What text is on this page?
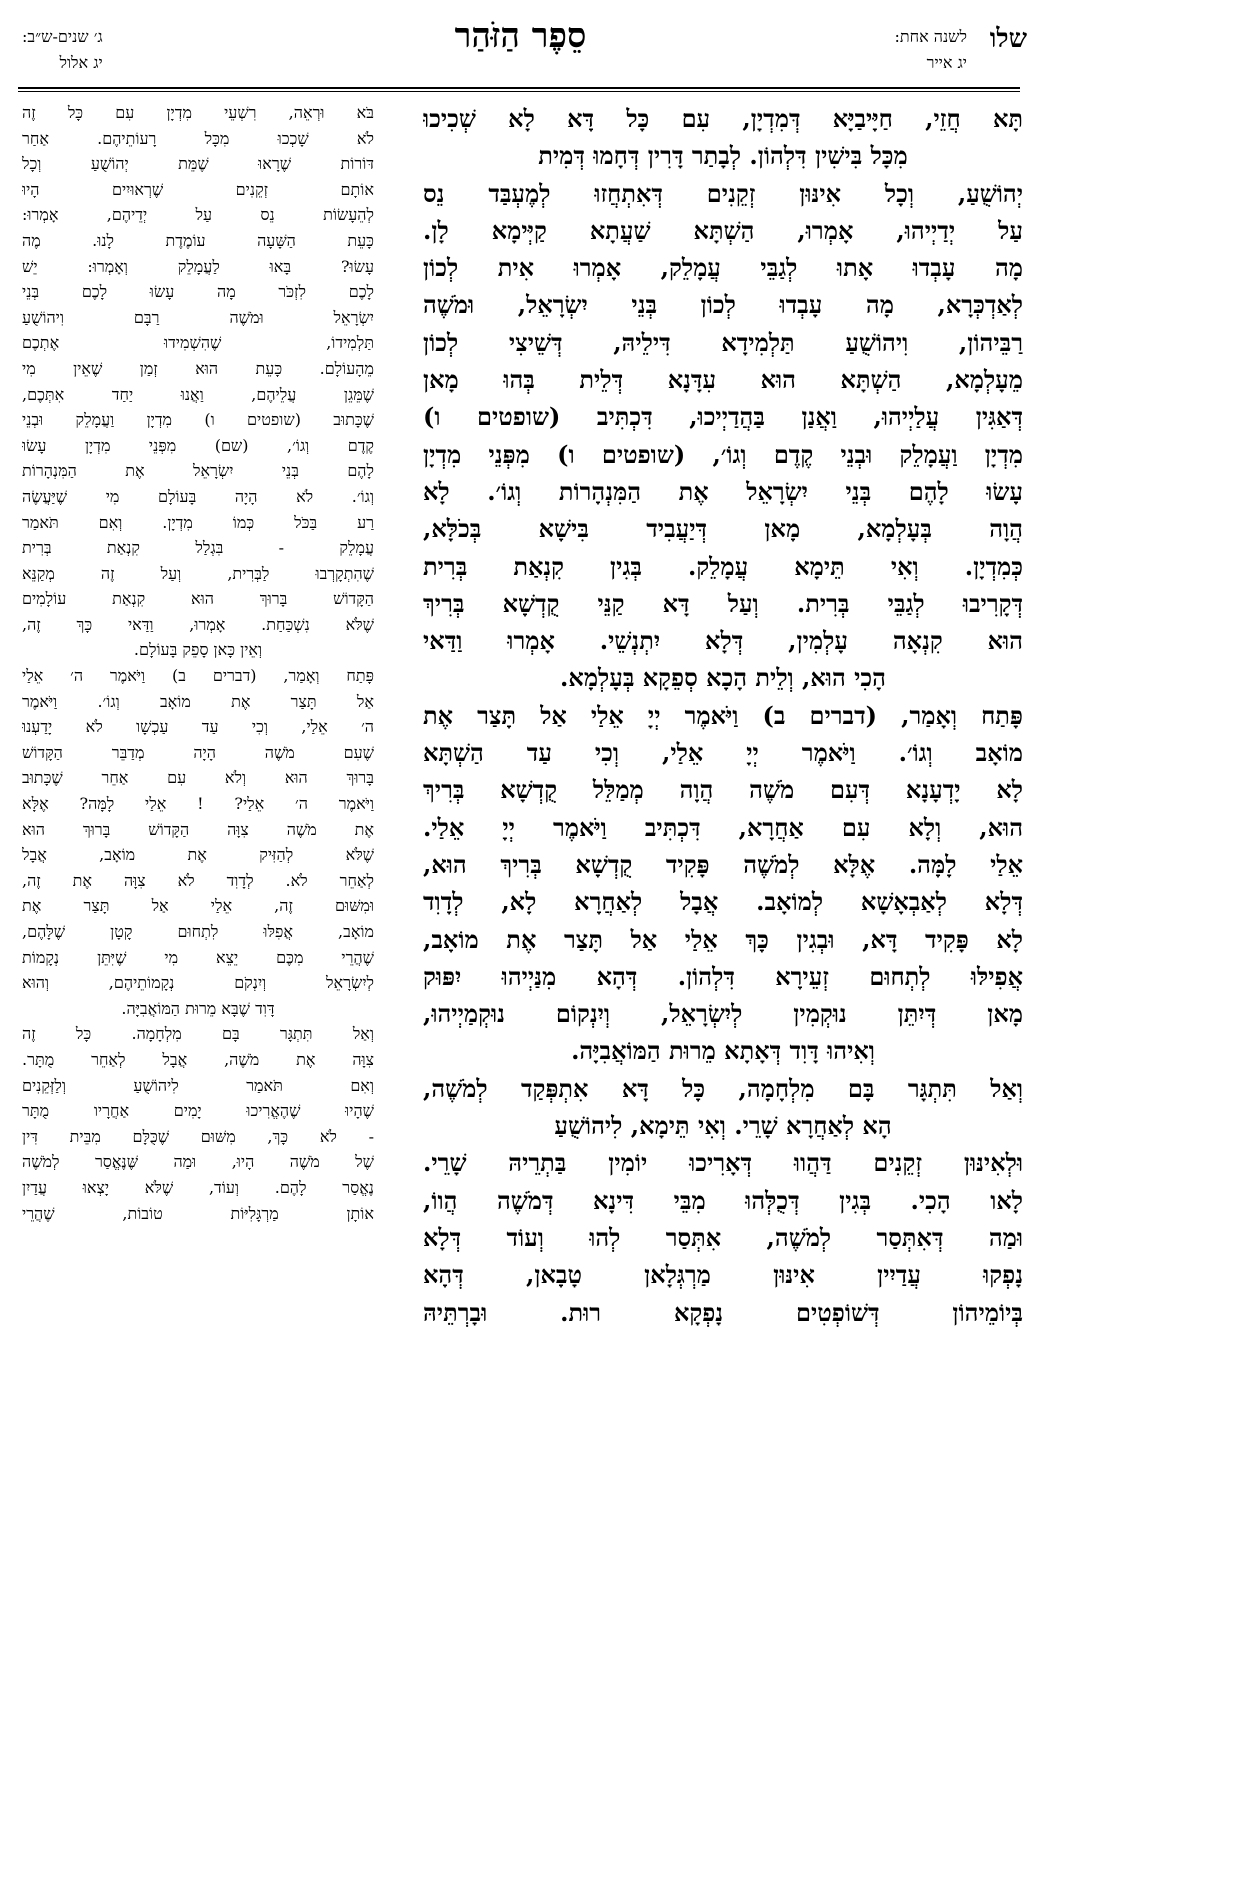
שלו
לשנה אחת:
יג אייר
סֵפֶר הַזֹּהַר
ג׳ שנים-ש״ב:
יג אלול
תָּא חֲזֵי, חַיָּיבַיָּא דְּמִדְיָן, עִם כָּל דָּא לָא שְׁכִיכוּ
מִכָּל בִּישִׁין דִּלְהוֹן. לְבָתַר דָּרִין דְּחָמוּ דְּמִית
יְהוֹשֻׁעַ, וְכָל אִינּוּן זְקֵנִים דְּאִתְחֲזוּ לְמֶעְבַּד נֵס
עַל יְדַיְיהוּ, אָמְרוּ, הַשְׁתָּא שַׁעֲתָא קַיְּימָא לָן.
מָה עָבְדוּ אָתוּ לְגַבֵּי עֲמָלֵק, אָמְרוּ אִית לְכוֹן
לְאַדְכְּרָא, מָה עָבְדוּ לְכוֹן בְּנֵי יִשְׂרָאֵל, וּמֹשֶׁה
רַבֵּיהוֹן, וִיהוֹשֻׁעַ תַּלְמִידָא דִּילֵיהּ, דְּשֵׁיצִי לְכוֹן
מֵעָלְמָא, הַשְׁתָּא הוּא עִדָּנָא דְּלֵית בְּהוּ מָאן
דְּאַגִּין עֲלַיְיהוּ, וַאֲנַן בַּהֲדַיְיכוּ, דִּכְתִּיב (שופטים ו)
מִדְיָן וַעֲמָלֵק וּבְנֵי קֶדֶם וְגוֹ׳, (שופטים ו) מִפְּנֵי מִדְיָן
עָשׂוּ לָהֶם בְּנֵי יִשְׂרָאֵל אֶת הַמִּנְהָרוֹת וְגוֹ׳. לָא
הֲוָה בְּעָלְמָא, מָאן דְּיַעֲבִיד בִּישָׁא בְּכֹלָּא,
כְּמִדְיָן. וְאִי תֵּימָא עֲמָלֵק. בְּגִין קִנְאַת בְּרִית
דְּקָרִיבוּ לְגַבֵּי בְּרִית. וְעַל דָּא קַנֵּי קֻדְשָׁא בְּרִיךְ
הוּא קִנְאָה עָלְמִין, דְּלָא יִתְנְשֵׁי. אָמְרוּ וַדַּאי
הָכִי הוּא, וְלֵית הָכָא סְפֵקָא בְּעָלְמָא.
פָּתַח וְאָמַר, (דברים ב) וַיֹּאמֶר יְיָ אֵלַי אַל תָּצַר אֶת
מוֹאָב וְגוֹ׳. וַיֹּאמֶר יְיָ אֵלַי, וְכִי עַד הַשְׁתָּא
לָא יָדְעָנָא דְּעִם מֹשֶׁה הֲוָה מְמַלֵּל קֻדְשָׁא בְּרִיךְ
הוּא, וְלָא עִם אַחֲרָא, דִּכְתִּיב וַיֹּאמֶר יְיָ אֵלַי.
אֵלַי לָמָּה. אֶלָּא לְמֹשֶׁה פָּקִיד קֻדְשָׁא בְּרִיךְ הוּא,
דְּלָא לְאַבְאָשָׁא לְמוֹאָב. אֲבָל לְאַחֲרָא לָא, לְדָוִד
לָא פָּקִיד דָּא, וּבְגִין כָּךְ אֵלַי אַל תָּצַר אֶת מוֹאָב,
אֲפִילּוּ לְתְחוּם זְעֵירָא דִּלְהוֹן. דְּהָא מִנַּיְיהוּ יִפּוּק
מָאן דְּיִתֵּן נוּקְמִין לְיִשְׂרָאֵל, וְיִנְקוֹם נוּקְמַיְיהוּ,
וְאִיהוּ דָּוִד דְּאָתָא מֵרוּת הַמּוֹאֲבִיָּה.
וְאַל תִּתְגָּר בָּם מִלְחָמָה, כָּל דָּא אִתְפְּקַד לְמֹשֶׁה,
הָא לְאַחֲרָא שָׁרֵי. וְאִי תֵּימָא, לִיהוֹשֻׁעַ
וּלְאִינּוּן זְקֵנִים דַּהֲווּ דְּאָרִיכוּ יוֹמִין בַּתְרֵיהּ שָׁרֵי.
לָאו הָכִי. בְּגִין דְּכֻלְּהוּ מִבֵּי דִּינָא דְּמֹשֶׁה הֲווֹ,
וּמַה דְּאִתְּסַר לְמֹשֶׁה, אִתְּסַר לְהוּ וְעוֹד דְּלָא
נָפְקוּ עֲדַיִין אִינּוּן מַרְגְּלָאן טָבָאן, דְּהָא
בְּיוֹמֵיהוֹן דְּשׁוֹפְטִים נָפְקָא רוּת. וּבָרְתֵּיהּ
בֹּא וּרְאֵה, רִשְׁעֵי מִדְיָן עִם כָּל זֶה
לֹא שָׁכְכוּ מִכָּל רָעוֹתֵיהֶם. אַחַר
דּוֹרוֹת שֶׁרָאוּ שֶׁמֵּת יְהוֹשֻׁעַ וְכָל
אוֹתָם זְקֵנִים שֶׁרְאוּיִים הָיוּ
לְהֵעָשׂוֹת נֵס עַל יְדֵיהֶם, אָמְרוּ:
כָּעֵת הַשָּׁעָה עוֹמֶדֶת לָנוּ. מֶה
עָשׂוּ? בָּאוּ לַעֲמָלֵק וְאָמְרוּ: יֵשׁ
לָכֶם לִזְכֹּר מָה עָשׂוּ לָכֶם בְּנֵי
יִשְׂרָאֵל וּמֹשֶׁה רַבָּם וִיהוֹשֻׁעַ
תַּלְמִידוֹ, שֶׁהִשְׁמִידוּ אֶתְכֶם
מֵהָעוֹלָם. כָּעֵת הוּא זְמַן שֶׁאֵין מִי
שֶׁמֵּגֵן עֲלֵיהֶם, וַאֲנוּ יַחַד אִתְּכֶם,
שֶׁכָּתוּב (שופטים ו) מִדְיָן וַעֲמָלֵק וּבְנֵי
קֶדֶם וְגוֹ׳, (שם) מִפְּנֵי מִדְיָן עָשׂוּ
לָהֶם בְּנֵי יִשְׂרָאֵל אֶת הַמִּנְהָרוֹת
וְגוֹ׳. לֹא הָיָה בָּעוֹלָם מִי שֶׁיַּעֲשֶׂה
רַע בַּכֹּל כְּמוֹ מִדְיָן. וְאִם תֹּאמַר
עֲמָלֵק - בִּגְלַל קִנְאַת בְּרִית
שֶׁהִתְקָרְבוּ לַבְּרִית, וְעַל זֶה מְקַנֵּא
הַקָּדוֹשׁ בָּרוּךְ הוּא קִנְאַת עוֹלָמִים
שֶׁלֹּא נִשְׁכַּחַת. אָמְרוּ, וַדַּאי כָּךְ זֶה,
וְאֵין כָּאן סָפֵק בָּעוֹלָם.
פָּתַח וְאָמַר, (דברים ב) וַיֹּאמֶר ה׳ אֵלַי
אַל תָּצַר אֶת מוֹאָב וְגוֹ׳. וַיֹּאמֶר
ה׳ אֵלַי, וְכִי עַד עַכְשָׁו לֹא יָדַעְנוּ
שֶׁעִם מֹשֶׁה הָיָה מְדַבֵּר הַקָּדוֹשׁ
בָּרוּךְ הוּא וְלֹא עִם אַחֵר שֶׁכָּתוּב
וַיֹּאמֶר ה׳ אֵלַי? ! אֵלַי לָמָּה? אֶלָּא
אֶת מֹשֶׁה צִוָּה הַקָּדוֹשׁ בָּרוּךְ הוּא
שֶׁלֹּא לְהַזִּיק אֶת מוֹאָב, אֲבָל
לְאַחֵר לֹא. לְדָוִד לֹא צִוָּה אֶת זֶה,
וּמִשּׁוּם זֶה, אֵלַי אַל תָּצַר אֶת
מוֹאָב, אֲפִלּוּ לִתְחוּם קָטָן שֶׁלָּהֶם,
שֶׁהֲרֵי מִכֶּם יֵצֵא מִי שֶׁיִּתֵּן נְקָמוֹת
לְיִשְׂרָאֵל וְיִנְקֹם נְקָמוֹתֵיהֶם, וְהוּא
דָּוִד שֶׁבָּא מֵרוּת הַמּוֹאֲבִיָּה.
וְאַל תִּתְגָּר בָּם מִלְחָמָה. כָּל זֶה
צִוָּה אֶת מֹשֶׁה, אֲבָל לְאַחֵר מֻתָּר.
וְאִם תֹּאמַר לִיהוֹשֻׁעַ וְלַזְּקֵנִים
שֶׁהָיוּ שֶׁהֶאֱרִיכוּ יָמִים אַחֲרָיו מֻתָּר
- לֹא כָּךְ, מִשּׁוּם שֶׁכֻּלָּם מִבֵּית דִּין
שֶׁל מֹשֶׁה הָיוּ, וּמַה שֶּׁנֶּאֱסַר לְמֹשֶׁה
נֶאֱסַר לָהֶם. וְעוֹד, שֶׁלֹּא יָצְאוּ עֲדַיִן
אוֹתָן מַרְגָּלִיּוֹת טוֹבוֹת, שֶׁהֲרֵי
